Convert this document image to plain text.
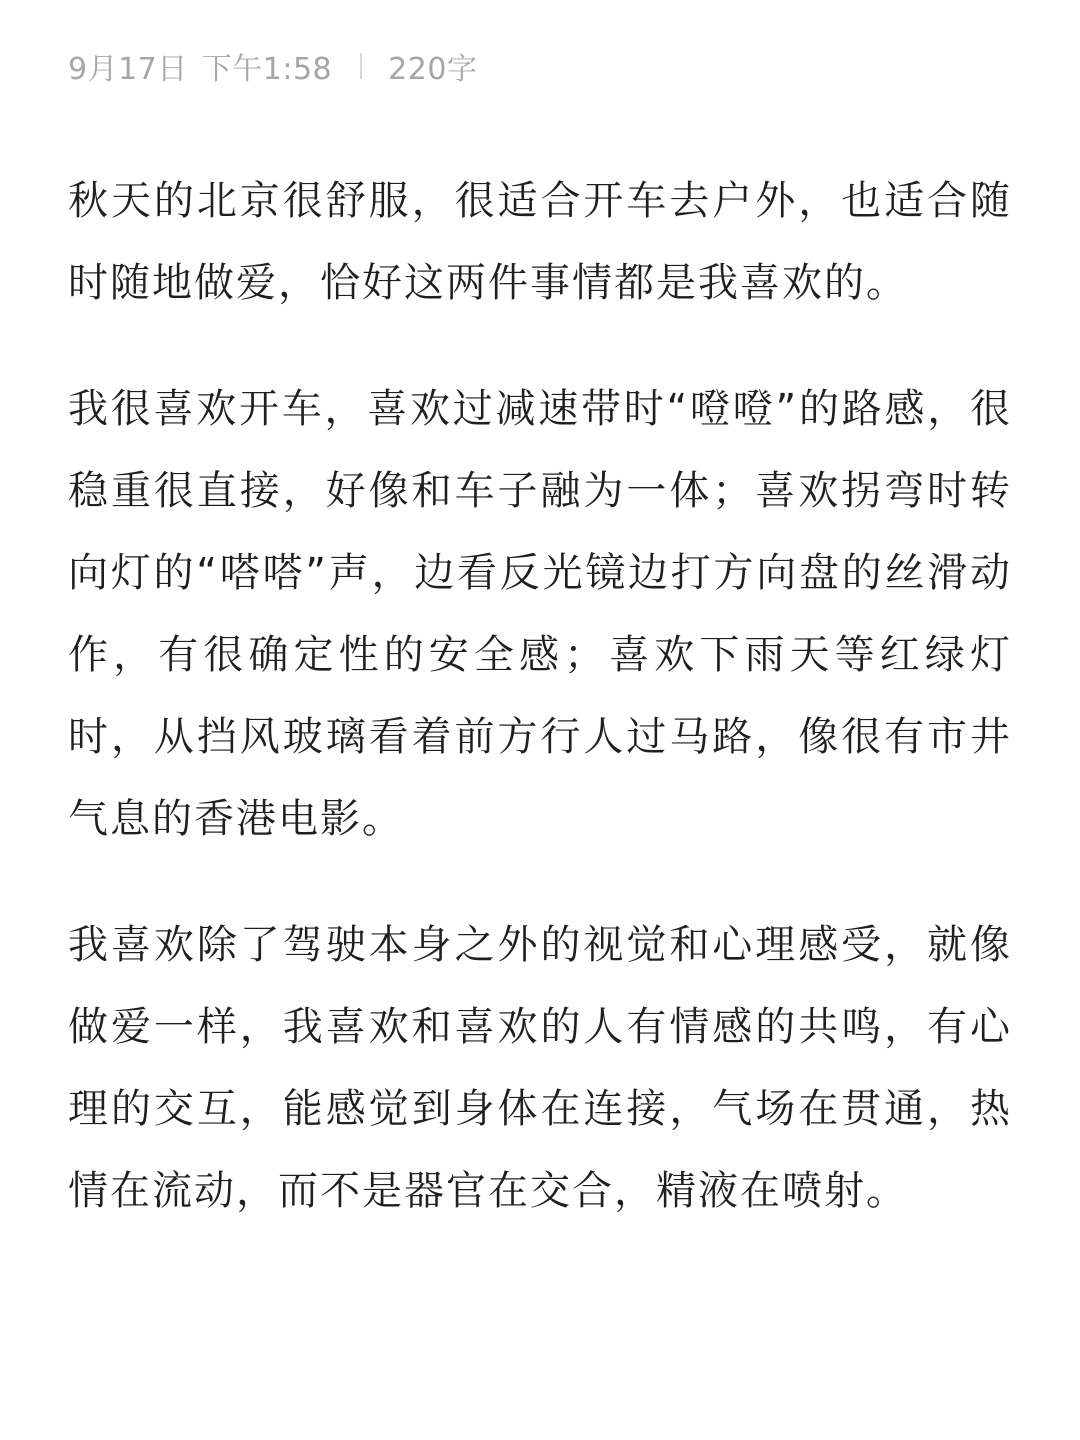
9月17日 下午1:58 220字

秋天的北京很舒服，很适合开车去户外，也适合随时随地做爱，恰好这两件事情都是我喜欢的。

我很喜欢开车，喜欢过减速带时“噔噔”的路感，很稳重很直接，好像和车子融为一体；喜欢拐弯时转向灯的“嗒嗒”声，边看反光镜边打方向盘的丝滑动作，有很确定性的安全感；喜欢下雨天等红绿灯时，从挡风玻璃看着前方行人过马路，像很有市井气息的香港电影。

我喜欢除了驾驶本身之外的视觉和心理感受，就像做爱一样，我喜欢和喜欢的人有情感的共鸣，有心理的交互，能感觉到身体在连接，气场在贯通，热情在流动，而不是器官在交合，精液在喷射。
